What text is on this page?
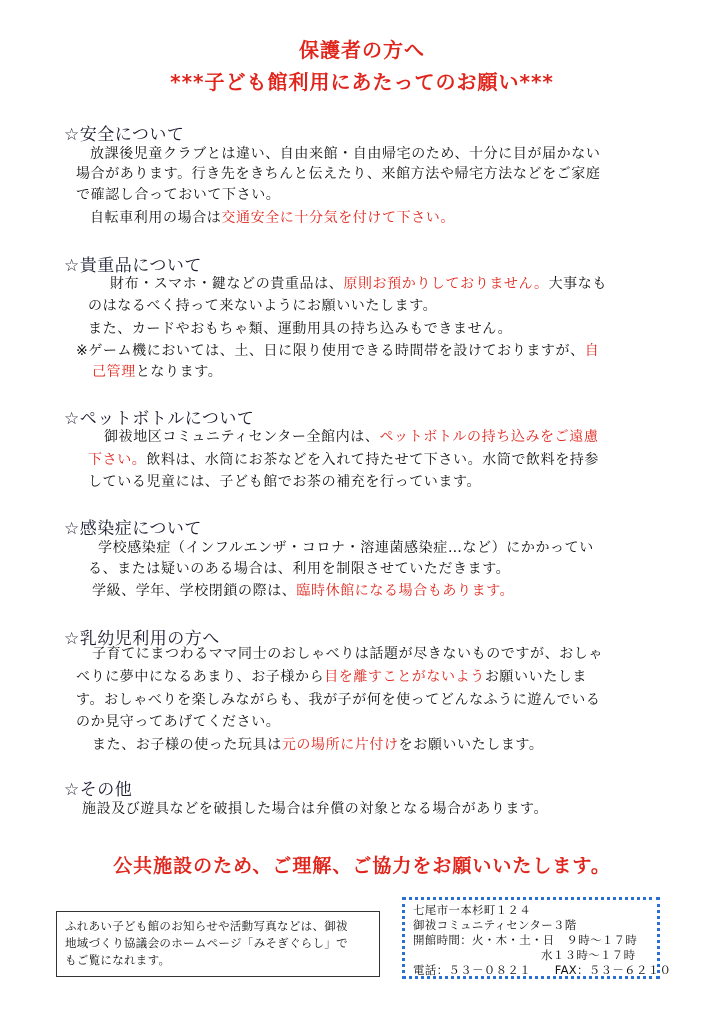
保護者の方へ
***子ども館利用にあたってのお願い***
☆安全について
放課後児童クラブとは違い、自由来館・自由帰宅のため、十分に目が届かない
場合があります。行き先をきちんと伝えたり、来館方法や帰宅方法などをご家庭
で確認し合っておいて下さい。
自転車利用の場合は交通安全に十分気を付けて下さい。
☆貴重品について
財布・スマホ・鍵などの貴重品は、原則お預かりしておりません。大事なも
のはなるべく持って来ないようにお願いいたします。
また、カードやおもちゃ類、運動用具の持ち込みもできません。
※ゲーム機においては、土、日に限り使用できる時間帯を設けておりますが、自
己管理となります。
☆ペットボトルについて
御祓地区コミュニティセンター全館内は、ペットボトルの持ち込みをご遠慮
下さい。飲料は、水筒にお茶などを入れて持たせて下さい。水筒で飲料を持参
している児童には、子ども館でお茶の補充を行っています。
☆感染症について
学校感染症（インフルエンザ・コロナ・溶連菌感染症…など）にかかってい
る、または疑いのある場合は、利用を制限させていただきます。
学級、学年、学校閉鎖の際は、臨時休館になる場合もあります。
☆乳幼児利用の方へ
子育てにまつわるママ同士のおしゃべりは話題が尽きないものですが、おしゃ
べりに夢中になるあまり、お子様から目を離すことがないようお願いいたしま
す。おしゃべりを楽しみながらも、我が子が何を使ってどんなふうに遊んでいる
のか見守ってあげてください。
また、お子様の使った玩具は元の場所に片付けをお願いいたします。
☆その他
施設及び遊具などを破損した場合は弁償の対象となる場合があります。
公共施設のため、ご理解、ご協力をお願いいたします。
ふれあい子ども館のお知らせや活動写真などは、御祓
地域づくり協議会のホームページ「みそぎぐらし」で
もご覧になれます。
七尾市一本杉町１２４
御祓コミュニティセンター３階
開館時間：火・木・土・日　９時～１７時
水１３時～１７時
電話：５３－０８２１ FAX：５３－６２１０
